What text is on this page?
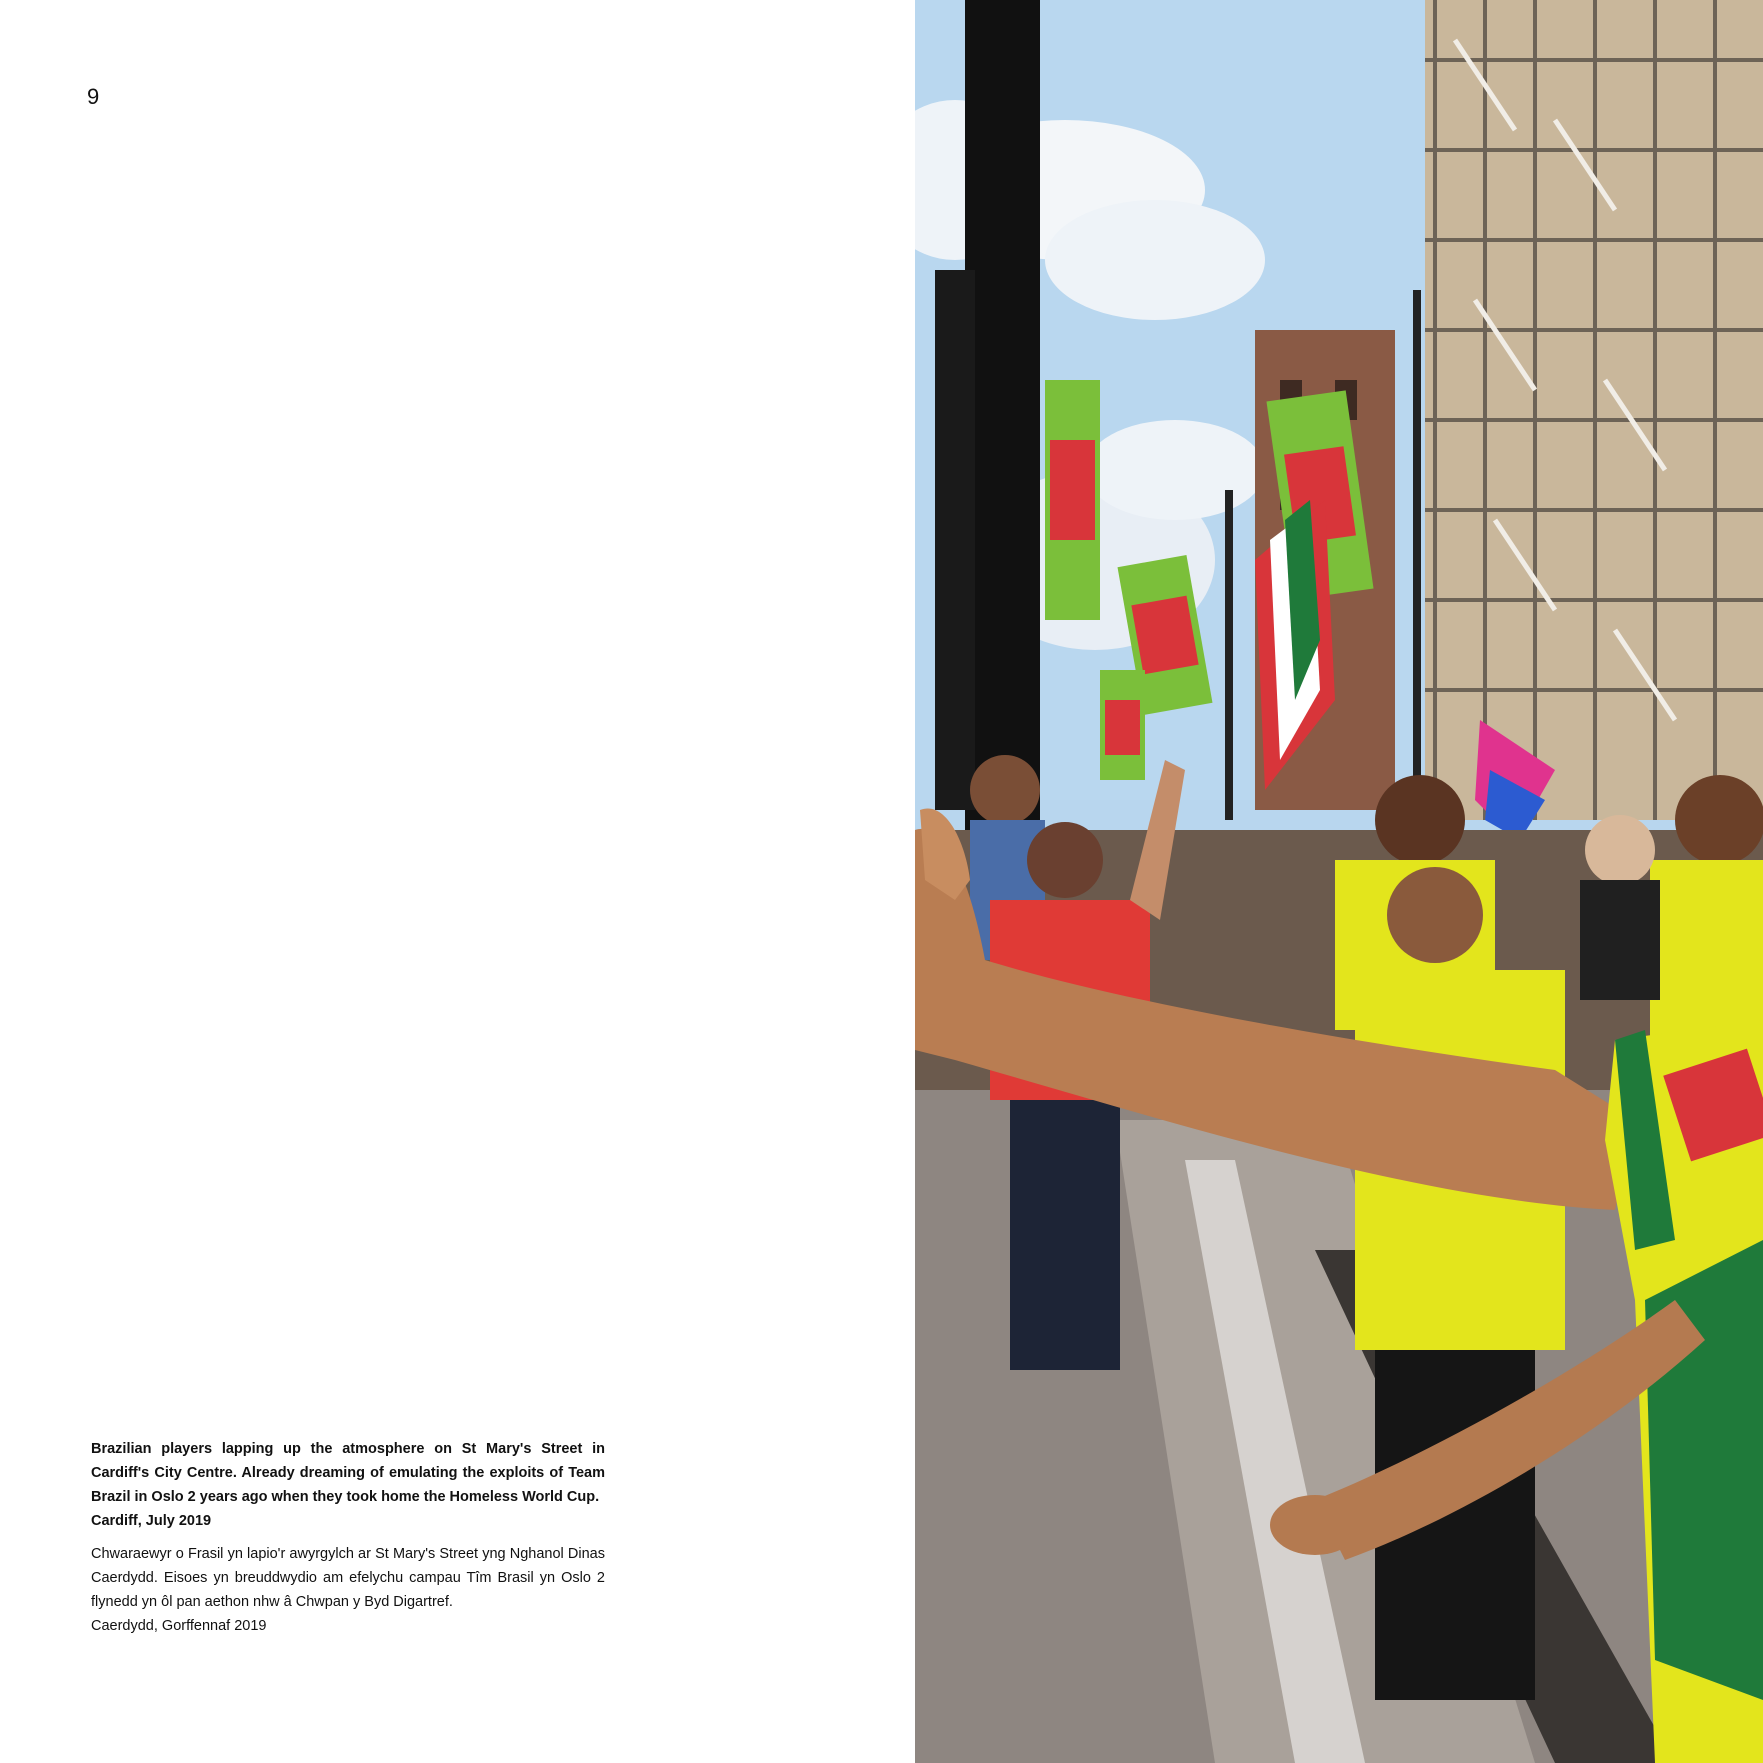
9

Brazilian players lapping up the atmosphere on St Mary's Street in Cardiff's City Centre. Already dreaming of emulating the exploits of Team Brazil in Oslo 2 years ago when they took home the Homeless World Cup.

Cardiff, July 2019

Chwaraewyr o Frasil yn lapio'r awyrgylch ar St Mary's Street yng Nghanol Dinas Caerdydd. Eisoes yn breuddwydio am efelychu campau Tîm Brasil yn Oslo 2 flynedd yn ôl pan aethon nhw â Chwpan y Byd Digartref.

Caerdydd, Gorffennaf 2019
